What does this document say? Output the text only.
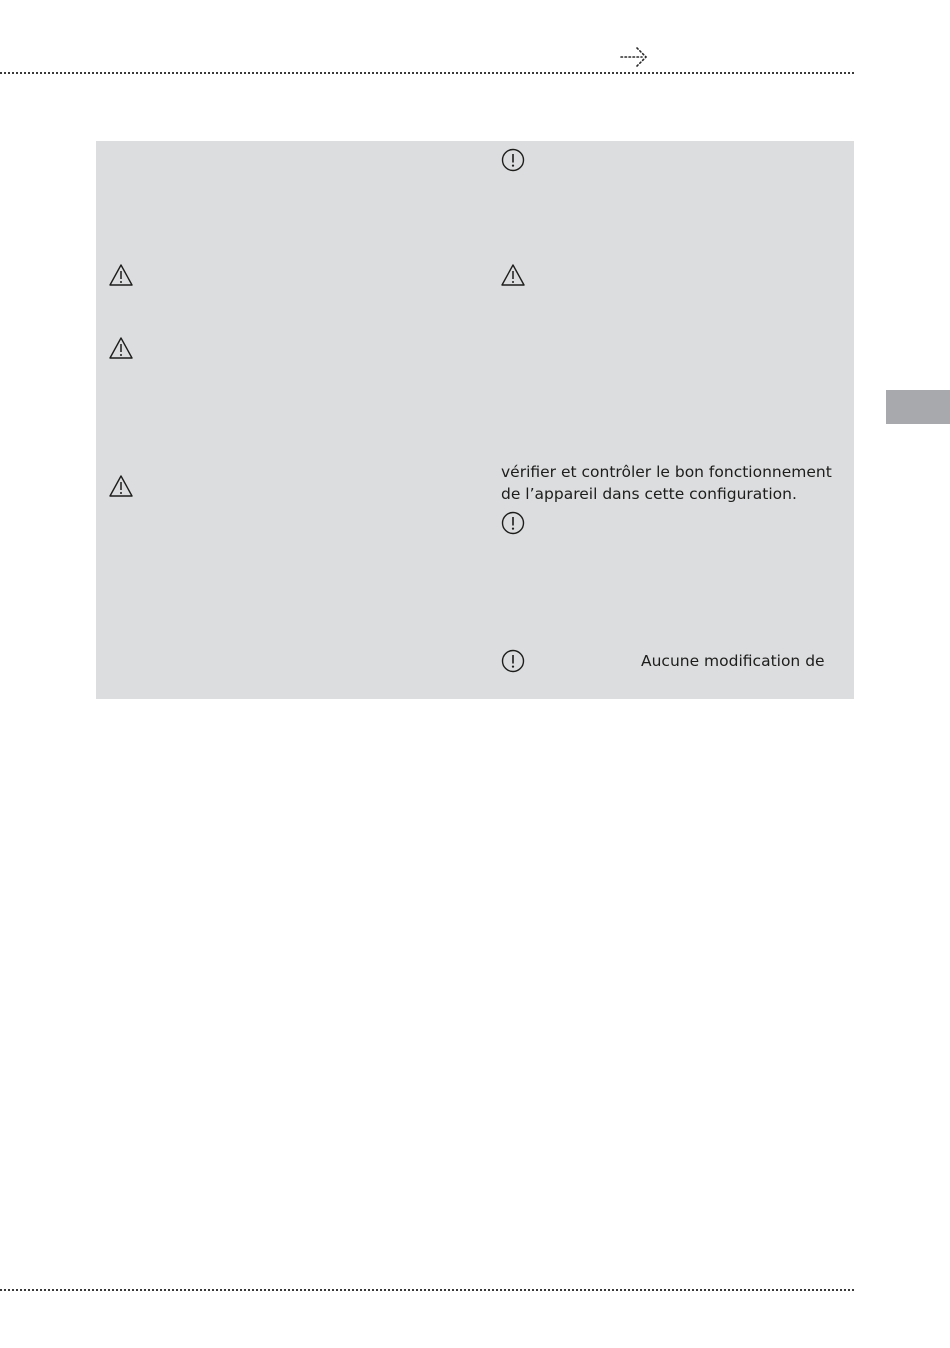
vérifier et contrôler le bon fonctionnement
de l’appareil dans cette configuration.
Aucune modification de
